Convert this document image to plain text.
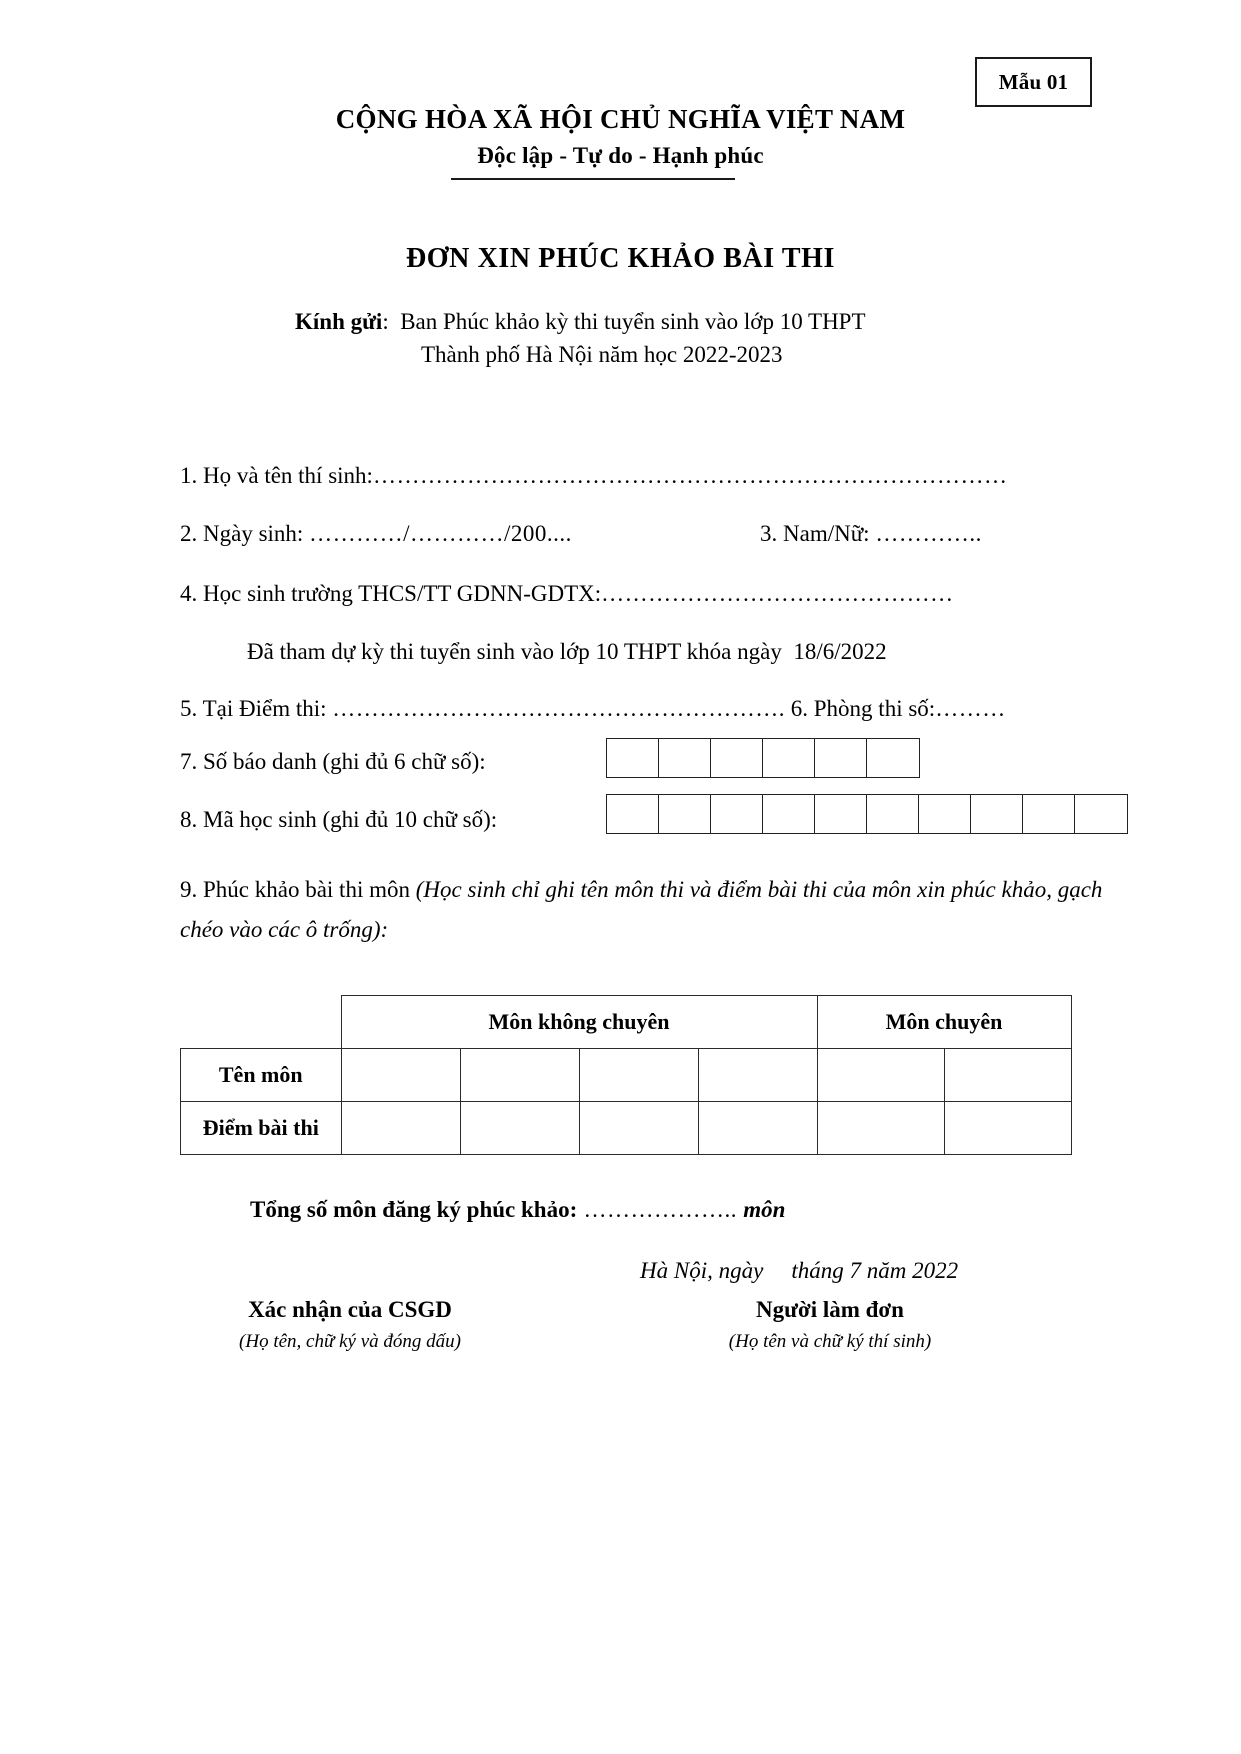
Mẫu 01
CỘNG HÒA XÃ HỘI CHỦ NGHĨA VIỆT NAM
Độc lập - Tự do - Hạnh phúc
ĐƠN XIN PHÚC KHẢO BÀI THI
Kính gửi: Ban Phúc khảo kỳ thi tuyển sinh vào lớp 10 THPT
Thành phố Hà Nội năm học 2022-2023
1. Họ và tên thí sinh:………………………………………………………………………
2. Ngày sinh: …………/…………/200....	3. Nam/Nữ: …………..
4. Học sinh trường THCS/TT GDNN-GDTX:………………………………………
Đã tham dự kỳ thi tuyển sinh vào lớp 10 THPT khóa ngày 18/6/2022
5. Tại Điểm thi: …………………………………………………. 6. Phòng thi số:………
7. Số báo danh (ghi đủ 6 chữ số):
8. Mã học sinh (ghi đủ 10 chữ số):
9. Phúc khảo bài thi môn (Học sinh chỉ ghi tên môn thi và điểm bài thi của môn xin phúc khảo, gạch chéo vào các ô trống):
	Môn không chuyên				Môn chuyên	
Tên môn						
Điểm bài thi						
Tổng số môn đăng ký phúc khảo: ……………….. môn
Hà Nội, ngày tháng 7 năm 2022
Xác nhận của CSGD
(Họ tên, chữ ký và đóng dấu)
Người làm đơn
(Họ tên và chữ ký thí sinh)
